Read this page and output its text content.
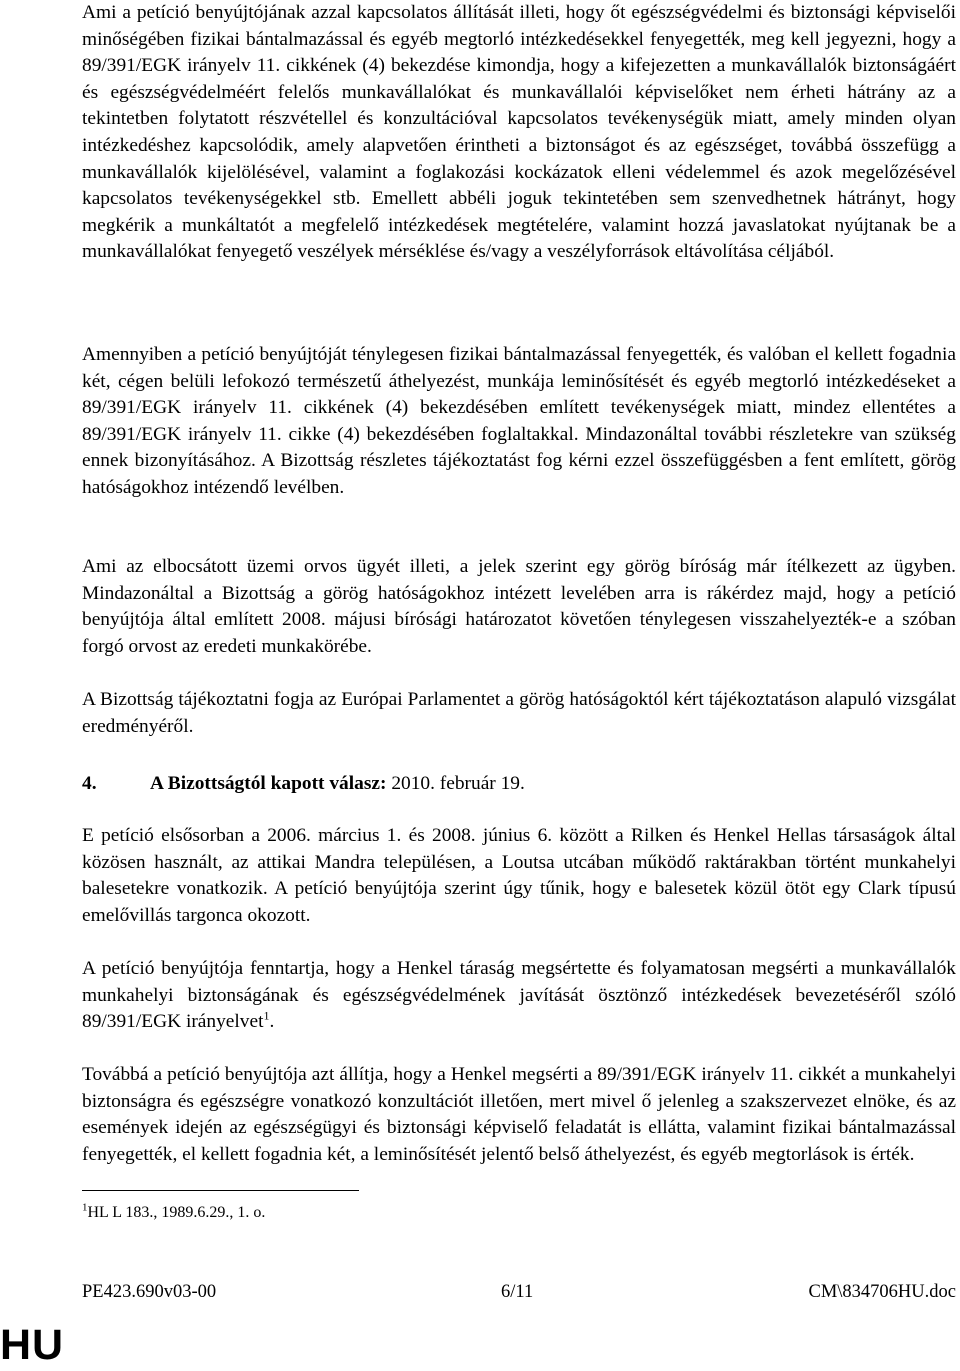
Ami a petíció benyújtójának azzal kapcsolatos állítását illeti, hogy őt egészségvédelmi és biztonsági képviselői minőségében fizikai bántalmazással és egyéb megtorló intézkedésekkel fenyegették, meg kell jegyezni, hogy a 89/391/EGK irányelv 11. cikkének (4) bekezdése kimondja, hogy a kifejezetten a munkavállalók biztonságáért és egészségvédelméért felelős munkavállalókat és munkavállalói képviselőket nem érheti hátrány az a tekintetben folytatott részvétellel és konzultációval kapcsolatos tevékenységük miatt, amely minden olyan intézkedéshez kapcsolódik, amely alapvetően érintheti a biztonságot és az egészséget, továbbá összefügg a munkavállalók kijelölésével, valamint a foglakozási kockázatok elleni védelemmel és azok megelőzésével kapcsolatos tevékenységekkel stb. Emellett abbéli joguk tekintetében sem szenvedhetnek hátrányt, hogy megkérik a munkáltatót a megfelelő intézkedések megtételére, valamint hozzá javaslatokat nyújtanak be a munkavállalókat fenyegető veszélyek mérséklése és/vagy a veszélyforrások eltávolítása céljából.

Amennyiben a petíció benyújtóját ténylegesen fizikai bántalmazással fenyegették, és valóban el kellett fogadnia két, cégen belüli lefokozó természetű áthelyezést, munkája leminősítését és egyéb megtorló intézkedéseket a 89/391/EGK irányelv 11. cikkének (4) bekezdésében említett tevékenységek miatt, mindez ellentétes a 89/391/EGK irányelv 11. cikke (4) bekezdésében foglaltakkal. Mindazonáltal további részletekre van szükség ennek bizonyításához. A Bizottság részletes tájékoztatást fog kérni ezzel összefüggésben a fent említett, görög hatóságokhoz intézendő levélben.

Ami az elbocsátott üzemi orvos ügyét illeti, a jelek szerint egy görög bíróság már ítélkezett az ügyben. Mindazonáltal a Bizottság a görög hatóságokhoz intézett levelében arra is rákérdez majd, hogy a petíció benyújtója által említett 2008. májusi bírósági határozatot követően ténylegesen visszahelyezték-e a szóban forgó orvost az eredeti munkakörébe.

A Bizottság tájékoztatni fogja az Európai Parlamentet a görög hatóságoktól kért tájékoztatáson alapuló vizsgálat eredményéről.

4.	A Bizottságtól kapott válasz: 2010. február 19.

E petíció elsősorban a 2006. március 1. és 2008. június 6. között a Rilken és Henkel Hellas társaságok által közösen használt, az attikai Mandra településen, a Loutsa utcában működő raktárakban történt munkahelyi balesetekre vonatkozik. A petíció benyújtója szerint úgy tűnik, hogy e balesetek közül ötöt egy Clark típusú emelővillás targonca okozott.

A petíció benyújtója fenntartja, hogy a Henkel táraság megsértette és folyamatosan megsérti a munkavállalók munkahelyi biztonságának és egészségvédelmének javítását ösztönző intézkedések bevezetéséről szóló 89/391/EGK irányelvet$^1$.

Továbbá a petíció benyújtója azt állítja, hogy a Henkel megsérti a 89/391/EGK irányelv 11. cikkét a munkahelyi biztonságra és egészségre vonatkozó konzultációt illetően, mert mivel ő jelenleg a szakszervezet elnöke, és az események idején az egészségügyi és biztonsági képviselő feladatát is ellátta, valamint fizikai bántalmazással fenyegették, el kellett fogadnia két, a leminősítését jelentő belső áthelyezést, és egyéb megtorlások is érték.

$^1$HL L 183., 1989.6.29., 1. o.
PE423.690v03-00	6/11	CM\834706HU.doc
HU
